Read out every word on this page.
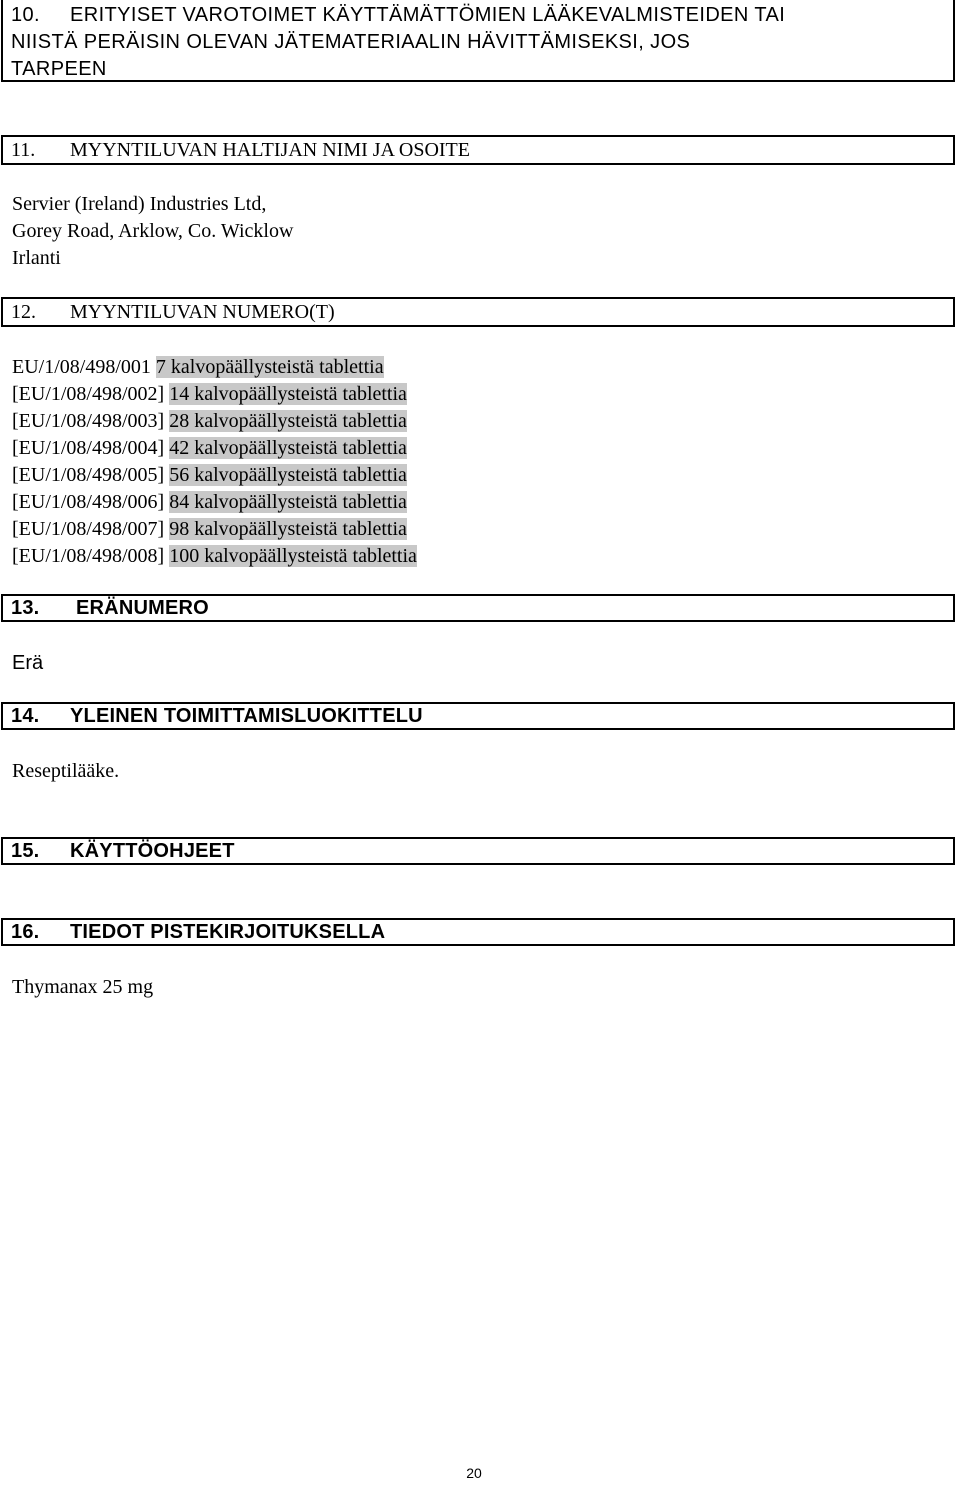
10. ERITYISET VAROTOIMET KÄYTTÄMÄTTÖMIEN LÄÄKEVALMISTEIDEN TAI
NIISTÄ PERÄISIN OLEVAN JÄTEMATERIAALIN HÄVITTÄMISEKSI, JOS
TARPEEN
11. MYYNTILUVAN HALTIJAN NIMI JA OSOITE
Servier (Ireland) Industries Ltd,
Gorey Road, Arklow, Co. Wicklow
Irlanti
12. MYYNTILUVAN NUMERO(T)
EU/1/08/498/001 7 kalvopäällysteistä tablettia
[EU/1/08/498/002] 14 kalvopäällysteistä tablettia
[EU/1/08/498/003] 28 kalvopäällysteistä tablettia
[EU/1/08/498/004] 42 kalvopäällysteistä tablettia
[EU/1/08/498/005] 56 kalvopäällysteistä tablettia
[EU/1/08/498/006] 84 kalvopäällysteistä tablettia
[EU/1/08/498/007] 98 kalvopäällysteistä tablettia
[EU/1/08/498/008] 100 kalvopäällysteistä tablettia
13. ERÄNUMERO
Erä
14. YLEINEN TOIMITTAMISLUOKITTELU
Reseptilääke.
15. KÄYTTÖOHJEET
16. TIEDOT PISTEKIRJOITUKSELLA
Thymanax 25 mg
20
